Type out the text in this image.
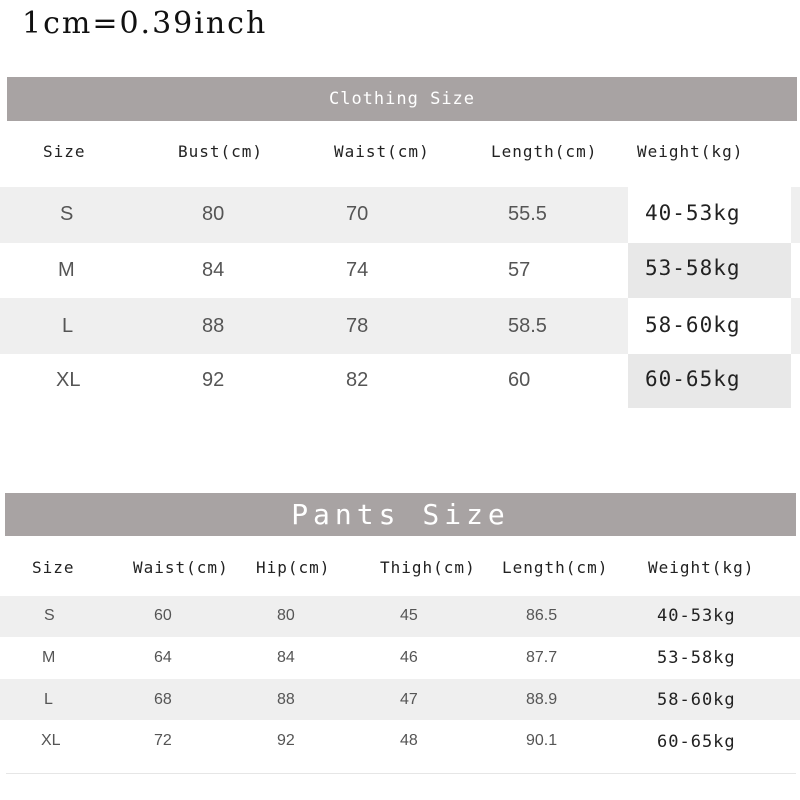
1cm=0.39inch
Clothing Size
Size	Bust(cm)	Waist(cm)	Length(cm) Weight(kg)
S	80	70	55.5	40-53kg
M	84	74	57	53-58kg
L	88	78	58.5	58-60kg
XL	92	82	60	60-65kg
Pants Size
Size	Waist(cm) Hip(cm)	Thigh(cm) Length(cm) Weight(kg)
S	60	80	45	86.5	40-53kg
M	64	84	46	87.7	53-58kg
L	68	88	47	88.9	58-60kg
XL	72	92	48	90.1	60-65kg
